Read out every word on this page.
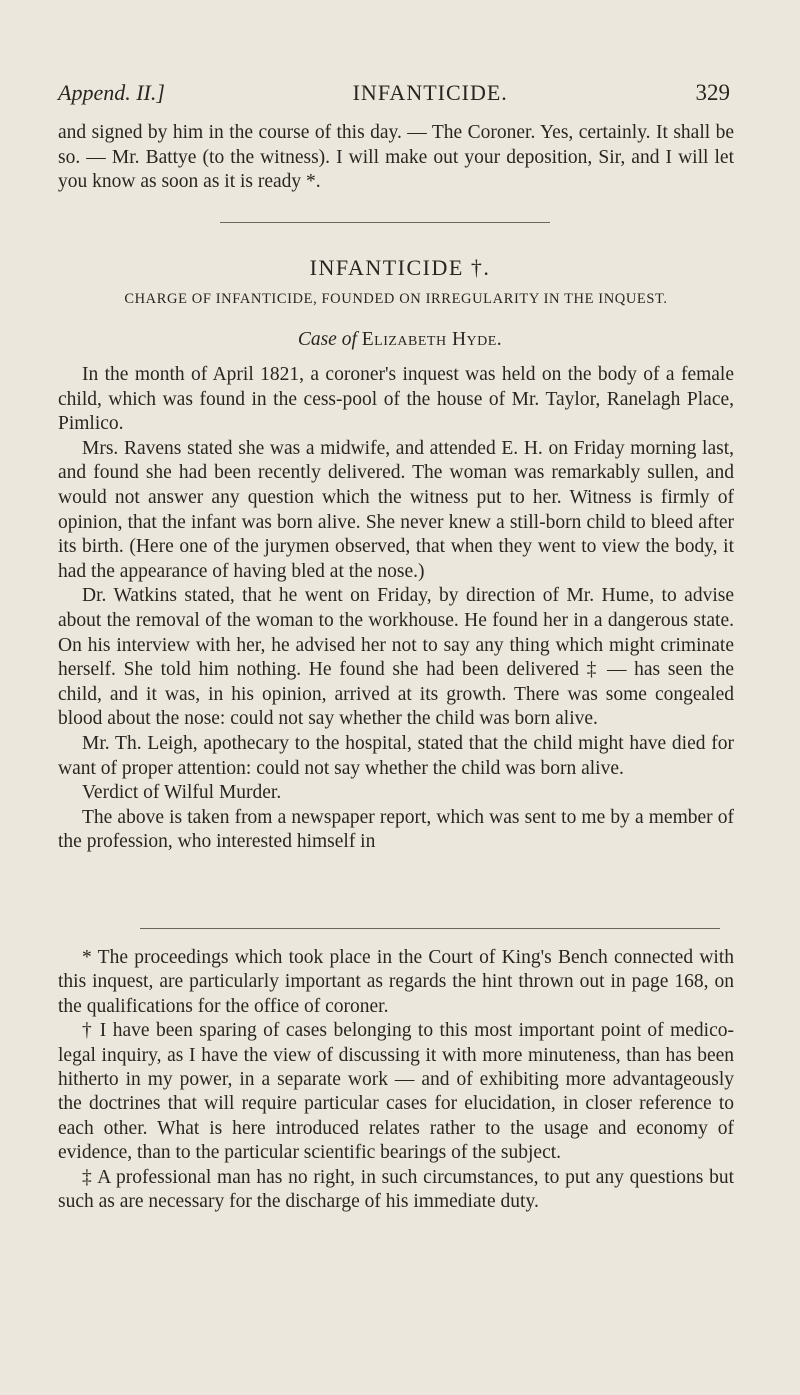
Append. II.]	INFANTICIDE.	329

and signed by him in the course of this day. — The Coroner. Yes, certainly. It shall be so. — Mr. Battye (to the witness). I will make out your deposition, Sir, and I will let you know as soon as it is ready *.

INFANTICIDE †.
CHARGE OF INFANTICIDE, FOUNDED ON IRREGULARITY IN THE INQUEST.
Case of Elizabeth Hyde.

In the month of April 1821, a coroner's inquest was held on the body of a female child, which was found in the cess-pool of the house of Mr. Taylor, Ranelagh Place, Pimlico.

Mrs. Ravens stated she was a midwife, and attended E. H. on Friday morning last, and found she had been recently delivered. The woman was remarkably sullen, and would not answer any question which the witness put to her. Witness is firmly of opinion, that the infant was born alive. She never knew a still-born child to bleed after its birth. (Here one of the jurymen observed, that when they went to view the body, it had the appearance of having bled at the nose.)

Dr. Watkins stated, that he went on Friday, by direction of Mr. Hume, to advise about the removal of the woman to the workhouse. He found her in a dangerous state. On his interview with her, he advised her not to say any thing which might criminate herself. She told him nothing. He found she had been delivered ‡ — has seen the child, and it was, in his opinion, arrived at its growth. There was some congealed blood about the nose: could not say whether the child was born alive.

Mr. Th. Leigh, apothecary to the hospital, stated that the child might have died for want of proper attention: could not say whether the child was born alive.

Verdict of Wilful Murder.

The above is taken from a newspaper report, which was sent to me by a member of the profession, who interested himself in

* The proceedings which took place in the Court of King's Bench connected with this inquest, are particularly important as regards the hint thrown out in page 168, on the qualifications for the office of coroner.

† I have been sparing of cases belonging to this most important point of medico-legal inquiry, as I have the view of discussing it with more minuteness, than has been hitherto in my power, in a separate work — and of exhibiting more advantageously the doctrines that will require particular cases for elucidation, in closer reference to each other. What is here introduced relates rather to the usage and economy of evidence, than to the particular scientific bearings of the subject.

‡ A professional man has no right, in such circumstances, to put any questions but such as are necessary for the discharge of his immediate duty.
